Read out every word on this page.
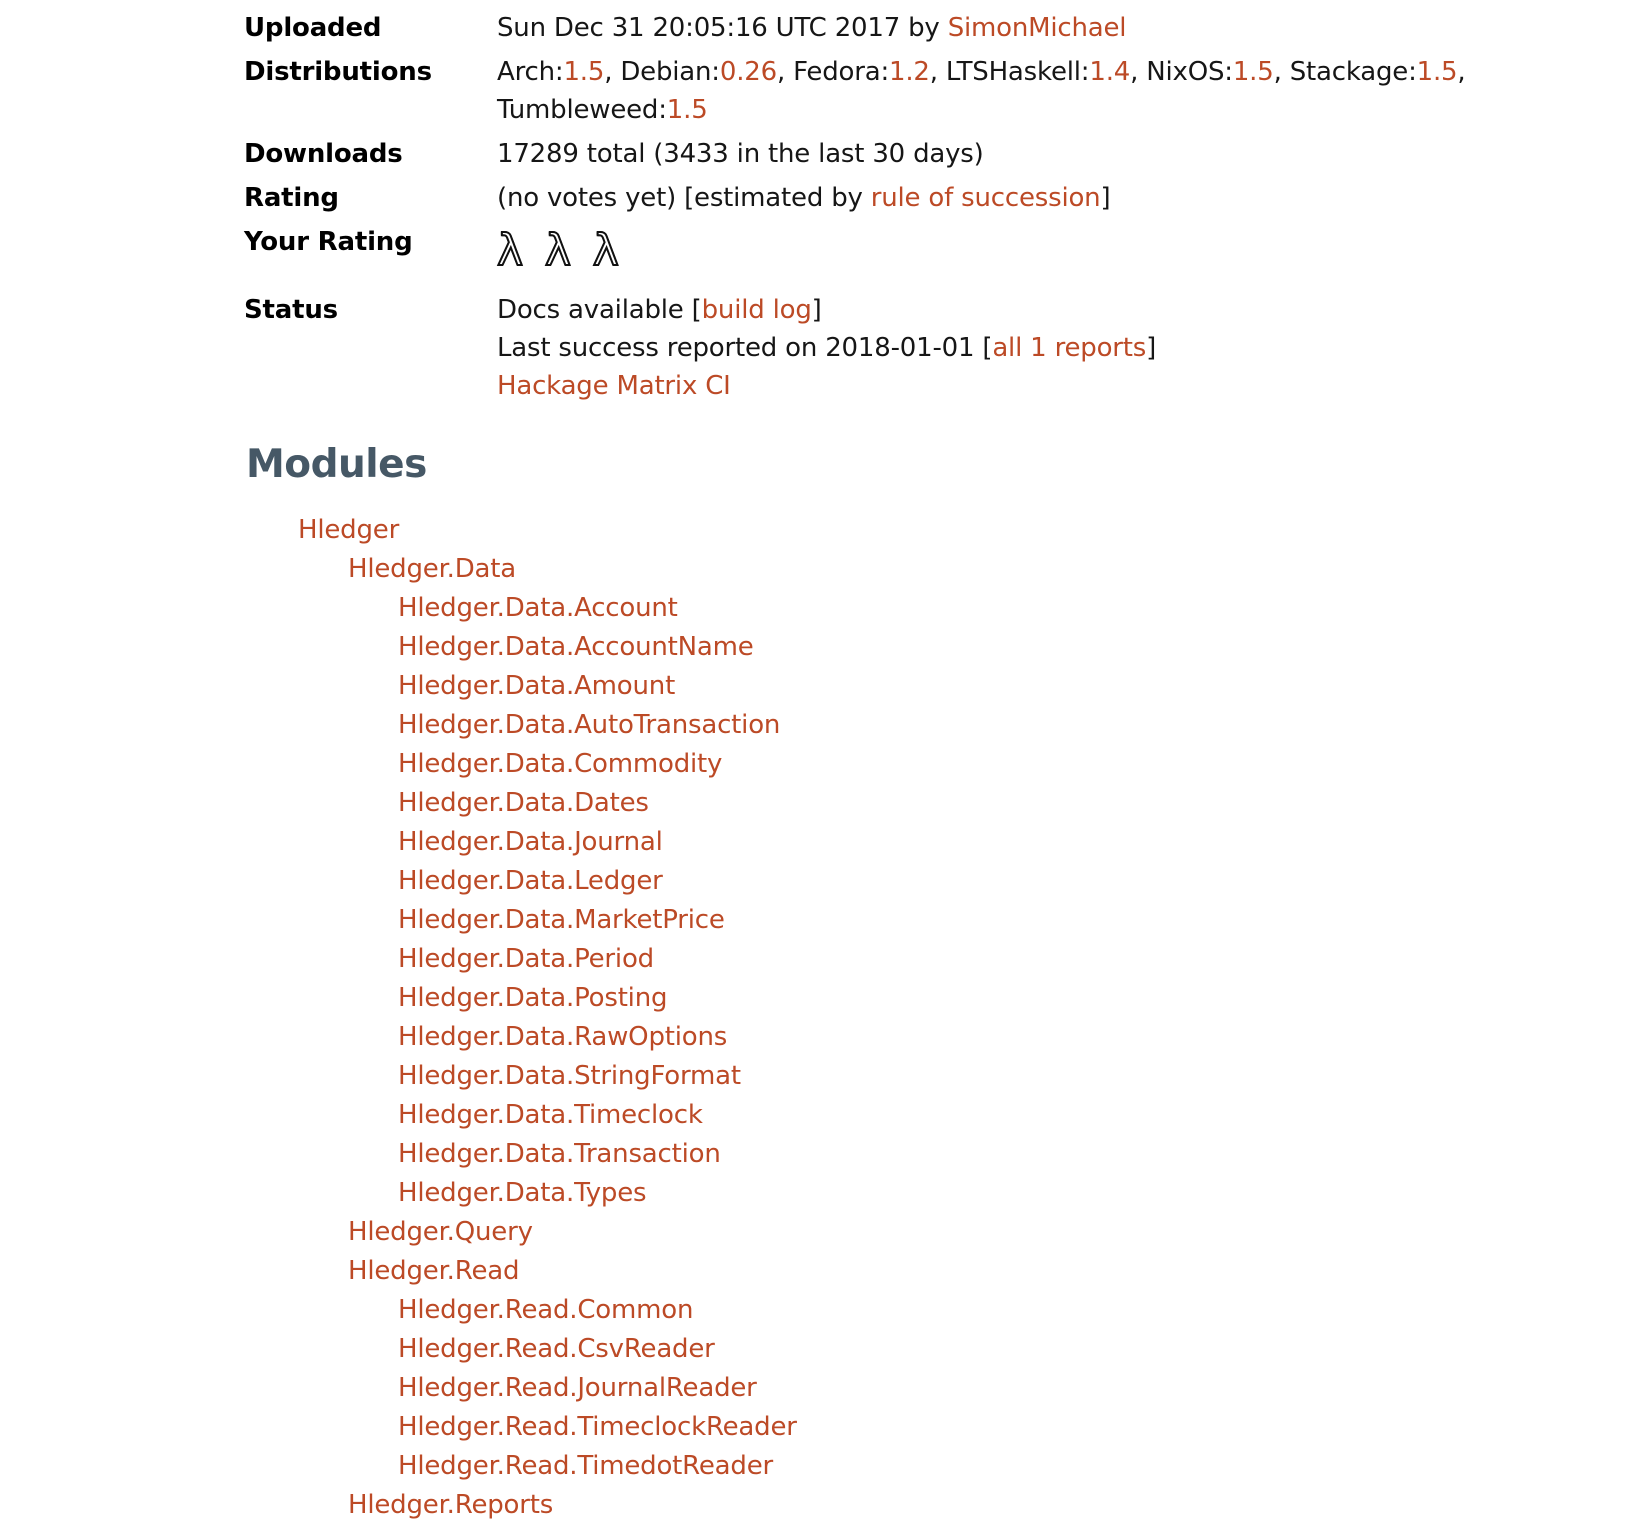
Uploaded	Sun Dec 31 20:05:16 UTC 2017 by SimonMichael

Distributions	Arch:1.5, Debian:0.26, Fedora:1.2, LTSHaskell:1.4, NixOS:1.5, Stackage:1.5,
Tumbleweed:1.5

Downloads	17289 total (3433 in the last 30 days)

Rating	(no votes yet) [estimated by rule of succession]

Your Rating	λ λ λ
Status	Docs available [build log]
Last success reported on 2018-01-01 [all 1 reports]
Hackage Matrix CI
Modules
Hledger
Hledger.Data
Hledger.Data.Account
Hledger.Data.AccountName
Hledger.Data.Amount
Hledger.Data.AutoTransaction
Hledger.Data.Commodity
Hledger.Data.Dates
Hledger.Data.Journal
Hledger.Data.Ledger
Hledger.Data.MarketPrice
Hledger.Data.Period
Hledger.Data.Posting
Hledger.Data.RawOptions
Hledger.Data.StringFormat
Hledger.Data.Timeclock
Hledger.Data.Transaction
Hledger.Data.Types
Hledger.Query
Hledger.Read
Hledger.Read.Common
Hledger.Read.CsvReader
Hledger.Read.JournalReader
Hledger.Read.TimeclockReader
Hledger.Read.TimedotReader
Hledger.Reports
